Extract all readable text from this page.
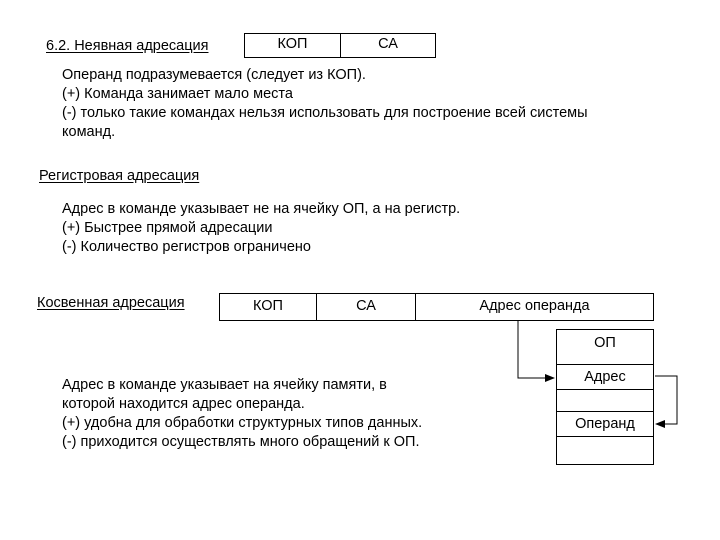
6.2. Неявная адресация	КОП	СА
Операнд подразумевается (следует из КОП).
(+) Команда занимает мало места
(-) только такие командах нельзя использовать для построение всей системы
команд.
Регистровая адресация
Адрес в команде указывает не на ячейку ОП, а на регистр.
(+) Быстрее прямой адресации
(-) Количество регистров ограничено
Косвенная адресация	КОП	СА	Адрес операнда
ОП
Адрес
Операнд
Адрес в команде указывает на ячейку памяти, в
которой находится адрес операнда.
(+) удобна для обработки структурных типов данных.
(-) приходится осуществлять много обращений к ОП.
